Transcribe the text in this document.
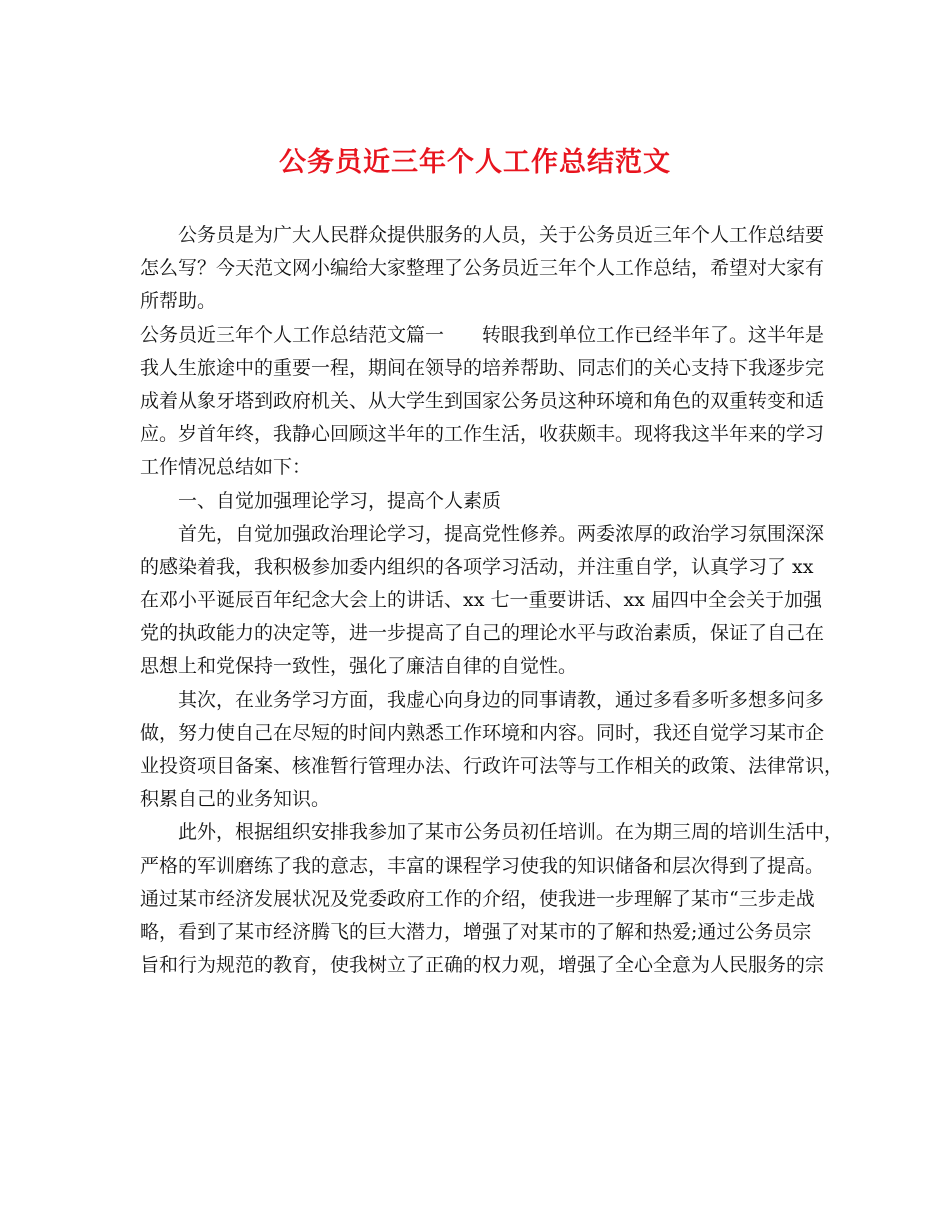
公务员近三年个人工作总结范文
公务员是为广大人民群众提供服务的人员，关于公务员近三年个人工作总结要
怎么写？今天范文网小编给大家整理了公务员近三年个人工作总结，希望对大家有
所帮助。
公务员近三年个人工作总结范文篇一 转眼我到单位工作已经半年了。这半年是
我人生旅途中的重要一程，期间在领导的培养帮助、同志们的关心支持下我逐步完
成着从象牙塔到政府机关、从大学生到国家公务员这种环境和角色的双重转变和适
应。岁首年终，我静心回顾这半年的工作生活，收获颇丰。现将我这半年来的学习
工作情况总结如下：
一、自觉加强理论学习，提高个人素质
首先，自觉加强政治理论学习，提高党性修养。两委浓厚的政治学习氛围深深
的感染着我，我积极参加委内组织的各项学习活动，并注重自学，认真学习了 xx
在邓小平诞辰百年纪念大会上的讲话、xx 七一重要讲话、xx 届四中全会关于加强
党的执政能力的决定等，进一步提高了自己的理论水平与政治素质，保证了自己在
思想上和党保持一致性，强化了廉洁自律的自觉性。
其次，在业务学习方面，我虚心向身边的同事请教，通过多看多听多想多问多
做，努力使自己在尽短的时间内熟悉工作环境和内容。同时，我还自觉学习某市企
业投资项目备案、核准暂行管理办法、行政许可法等与工作相关的政策、法律常识，
积累自己的业务知识。
此外，根据组织安排我参加了某市公务员初任培训。在为期三周的培训生活中，
严格的军训磨练了我的意志，丰富的课程学习使我的知识储备和层次得到了提高。
通过某市经济发展状况及党委政府工作的介绍，使我进一步理解了某市“三步走战
略，看到了某市经济腾飞的巨大潜力，增强了对某市的了解和热爱;通过公务员宗
旨和行为规范的教育，使我树立了正确的权力观，增强了全心全意为人民服务的宗
